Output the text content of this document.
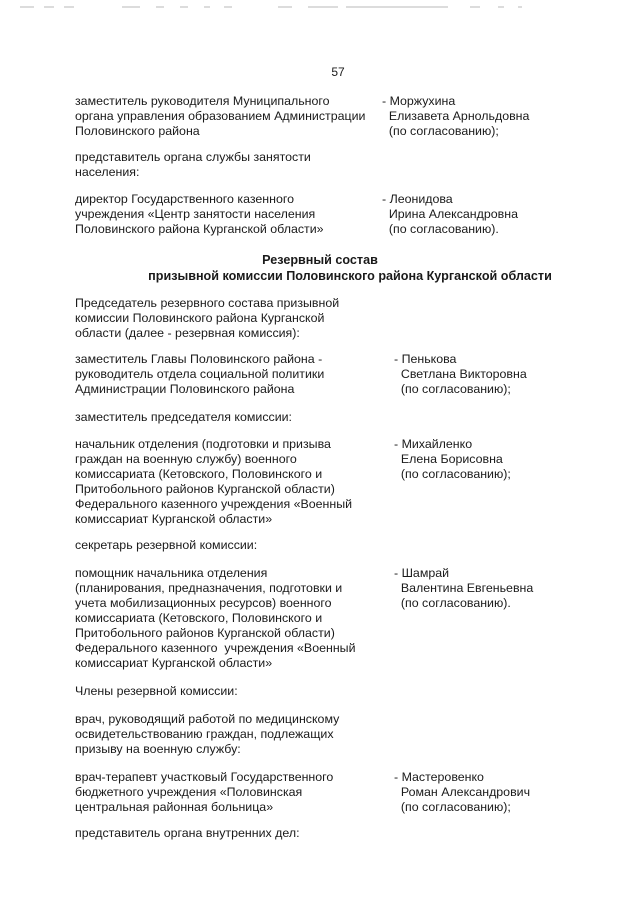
57
заместитель руководителя Муниципального
органа управления образованием Администрации
Половинского района
- Моржухина
Елизавета Арнольдовна
(по согласованию);
представитель органа службы занятости
населения:
директор Государственного казенного
учреждения «Центр занятости населения
Половинского района Курганской области»
- Леонидова
Ирина Александровна
(по согласованию).
Резервный состав
призывной комиссии Половинского района Курганской области
Председатель резервного состава призывной
комиссии Половинского района Курганской
области (далее - резервная комиссия):
заместитель Главы Половинского района -
руководитель отдела социальной политики
Администрации Половинского района
- Пенькова
Светлана Викторовна
(по согласованию);
заместитель председателя комиссии:
начальник отделения (подготовки и призыва
граждан на военную службу) военного
комиссариата (Кетовского, Половинского и
Притобольного районов Курганской области)
Федерального казенного учреждения «Военный
комиссариат Курганской области»
- Михайленко
Елена Борисовна
(по согласованию);
секретарь резервной комиссии:
помощник начальника отделения
(планирования, предназначения, подготовки и
учета мобилизационных ресурсов) военного
комиссариата (Кетовского, Половинского и
Притобольного районов Курганской области)
Федерального казенного  учреждения «Военный
комиссариат Курганской области»
- Шамрай
Валентина Евгеньевна
(по согласованию).
Члены резервной комиссии:
врач, руководящий работой по медицинскому
освидетельствованию граждан, подлежащих
призыву на военную службу:
врач-терапевт участковый Государственного
бюджетного учреждения «Половинская
центральная районная больница»
- Мастеровенко
Роман Александрович
(по согласованию);
представитель органа внутренних дел:
